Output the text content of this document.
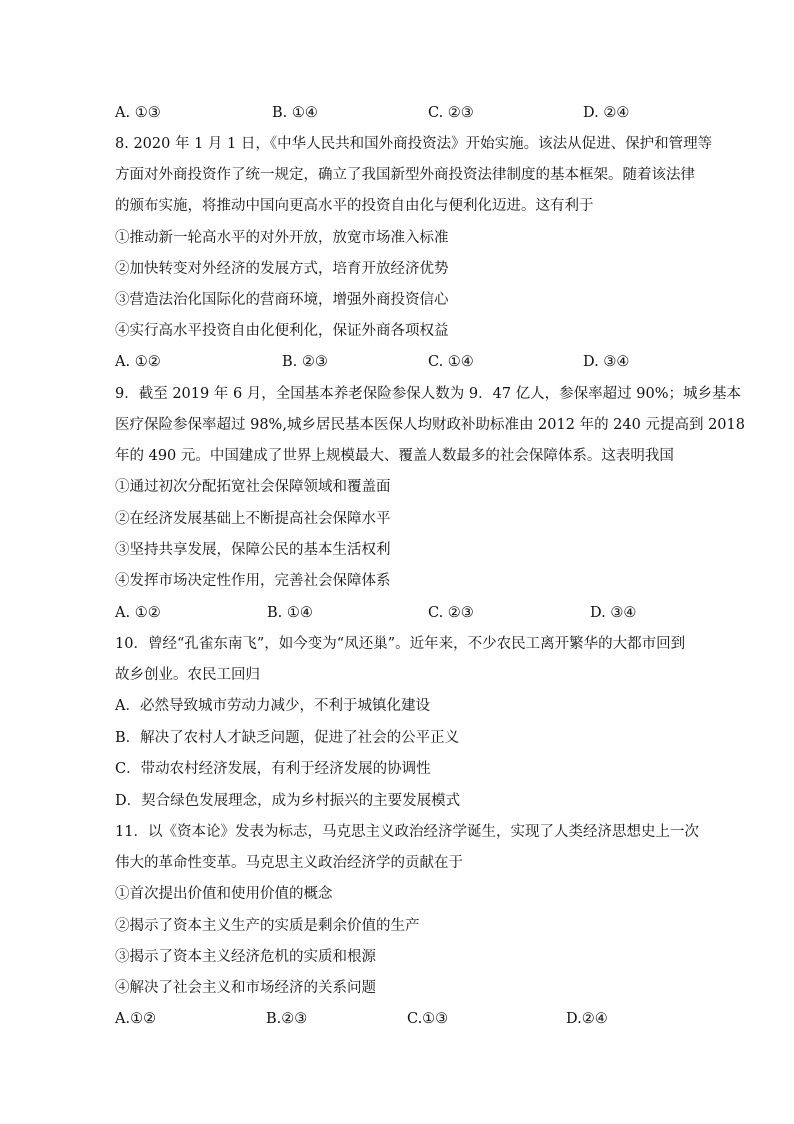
A. ①③	B. ①④	C. ②③	D. ②④
8. 2020 年 1 月 1 日，《中华人民共和国外商投资法》开始实施。该法从促进、保护和管理等
方面对外商投资作了统一规定，确立了我国新型外商投资法律制度的基本框架。随着该法律
的颁布实施，将推动中国向更高水平的投资自由化与便利化迈进。这有利于
①推动新一轮高水平的对外开放，放宽市场准入标准
②加快转变对外经济的发展方式，培育开放经济优势
③营造法治化国际化的营商环境，增强外商投资信心
④实行高水平投资自由化便利化，保证外商各项权益
A. ①②	B. ②③	C. ①④	D. ③④
9．截至 2019 年 6 月，全国基本养老保险参保人数为 9．47 亿人，参保率超过 90%；城乡基本
医疗保险参保率超过 98%,城乡居民基本医保人均财政补助标准由 2012 年的 240 元提高到 2018
年的 490 元。中国建成了世界上规模最大、覆盖人数最多的社会保障体系。这表明我国
①通过初次分配拓宽社会保障领域和覆盖面
②在经济发展基础上不断提高社会保障水平
③坚持共享发展，保障公民的基本生活权利
④发挥市场决定性作用，完善社会保障体系
A. ①②	B. ①④	C. ②③	D. ③④
10．曾经“孔雀东南飞”，如今变为“凤还巢”。近年来，不少农民工离开繁华的大都市回到
故乡创业。农民工回归
A．必然导致城市劳动力减少，不利于城镇化建设
B．解决了农村人才缺乏问题，促进了社会的公平正义
C．带动农村经济发展，有利于经济发展的协调性
D．契合绿色发展理念，成为乡村振兴的主要发展模式
11．以《资本论》发表为标志，马克思主义政治经济学诞生，实现了人类经济思想史上一次
伟大的革命性变革。马克思主义政治经济学的贡献在于
①首次提出价值和使用价值的概念
②揭示了资本主义生产的实质是剩余价值的生产
③揭示了资本主义经济危机的实质和根源
④解决了社会主义和市场经济的关系问题
A.①②	B.②③	C.①③	D.②④
